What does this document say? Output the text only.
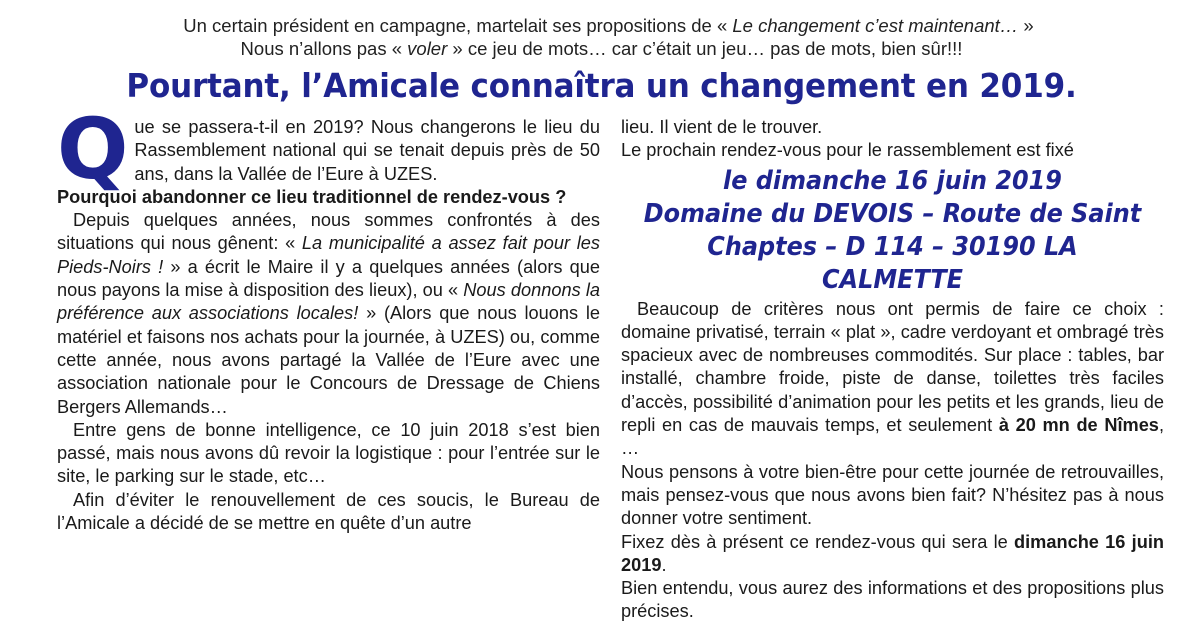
Un certain président en campagne, martelait ses propositions de « Le changement c’est maintenant… »
Nous n’allons pas « voler » ce jeu de mots… car c’était un jeu… pas de mots, bien sûr!!!
Pourtant, l’Amicale connaîtra un changement en 2019.

Que se passera-t-il en 2019? Nous changerons le lieu du Rassemblement national qui se tenait depuis près de 50 ans, dans la Vallée de l’Eure à UZES.

Pourquoi abandonner ce lieu traditionnel de rendez-vous ?

Depuis quelques années, nous sommes confrontés à des situations qui nous gênent: « La municipalité a assez fait pour les Pieds-Noirs ! » a écrit le Maire il y a quelques années (alors que nous payons la mise à disposition des lieux), ou « Nous donnons la préférence aux associations locales! » (Alors que nous louons le matériel et faisons nos achats pour la journée, à UZES) ou, comme cette année, nous avons partagé la Vallée de l’Eure avec une association nationale pour le Concours de Dressage de Chiens Bergers Allemands…

Entre gens de bonne intelligence, ce 10 juin 2018 s’est bien passé, mais nous avons dû revoir la logistique : pour l’entrée sur le site, le parking sur le stade, etc…

Afin d’éviter le renouvellement de ces soucis, le Bureau de l’Amicale a décidé de se mettre en quête d’un autre

lieu. Il vient de le trouver.

Le prochain rendez-vous pour le rassemblement est fixé

le dimanche 16 juin 2019
Domaine du DEVOIS – Route de Saint
Chaptes – D 114 – 30190 LA CALMETTE

Beaucoup de critères nous ont permis de faire ce choix : domaine privatisé, terrain « plat », cadre verdoyant et ombragé très spacieux avec de nombreuses commodités. Sur place : tables, bar installé, chambre froide, piste de danse, toilettes très faciles d’accès, possibilité d’animation pour les petits et les grands, lieu de repli en cas de mauvais temps, et seulement à 20 mn de Nîmes, …

Nous pensons à votre bien-être pour cette journée de retrouvailles, mais pensez-vous que nous avons bien fait? N’hésitez pas à nous donner votre sentiment.

Fixez dès à présent ce rendez-vous qui sera le dimanche 16 juin 2019.

Bien entendu, vous aurez des informations et des propositions plus précises.
